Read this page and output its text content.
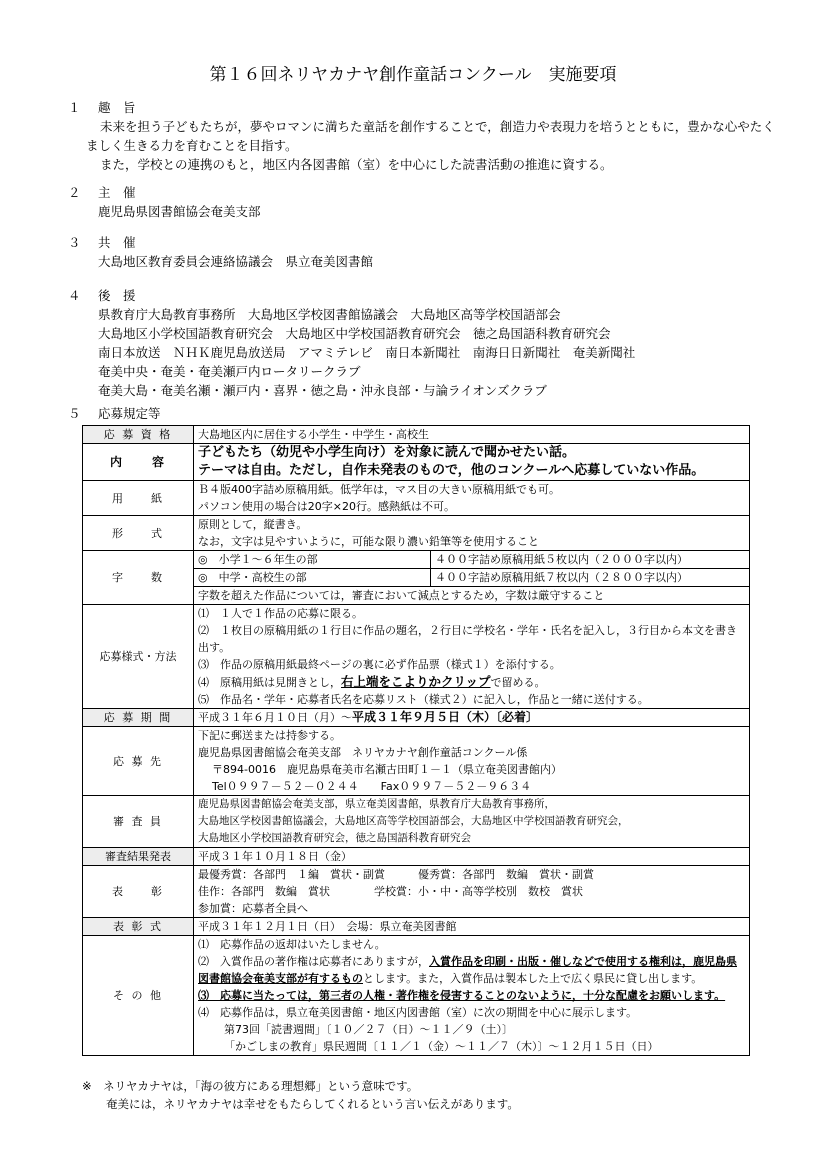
第１６回ネリヤカナヤ創作童話コンクール　実施要項
１ 趣　旨
未来を担う子どもたちが，夢やロマンに満ちた童話を創作することで，創造力や表現力を培うとともに，豊かな心やたくましく生きる力を育むことを目指す。
また，学校との連携のもと，地区内各図書館（室）を中心にした読書活動の推進に資する。
２ 主　催
鹿児島県図書館協会奄美支部
３ 共　催
大島地区教育委員会連絡協議会　県立奄美図書館
４ 後　援
県教育庁大島教育事務所　大島地区学校図書館協議会　大島地区高等学校国語部会
大島地区小学校国語教育研究会　大島地区中学校国語教育研究会　徳之島国語科教育研究会
南日本放送　ＮＨＫ鹿児島放送局　アマミテレビ　南日本新聞社　南海日日新聞社　奄美新聞社
奄美中央・奄美・奄美瀬戸内ロータリークラブ
奄美大島・奄美名瀬・瀬戸内・喜界・徳之島・沖永良部・与論ライオンズクラブ
５ 応募規定等
応 募 資 格	大島地区内に居住する小学生・中学生・高校生
内　　容	
子どもたち（幼児や小学生向け）を対象に読んで聞かせたい話。
テーマは自由。ただし，自作未発表のもので，他のコンクールへ応募していない作品。

用　　紙	
Ｂ４版400字詰め原稿用紙。低学年は，マス目の大きい原稿用紙でも可。
パソコン使用の場合は20字×20行。感熱紙は不可。

形　　式	
原則として，縦書き。
なお，文字は見やすいように，可能な限り濃い鉛筆等を使用すること

字　　数	
◎　小学１～６年生の部	４００字詰め原稿用紙５枚以内（２０００字以内）
◎　中学・高校生の部	４００字詰め原稿用紙７枚以内（２８００字以内）
字数を超えた作品については，審査において減点とするため，字数は厳守すること

応募様式・方法	
⑴　１人で１作品の応募に限る。
⑵　１枚目の原稿用紙の１行目に作品の題名，２行目に学校名・学年・氏名を記入し，３行目から本文を書き出す。
⑶　作品の原稿用紙最終ページの裏に必ず作品票（様式１）を添付する。
⑷　原稿用紙は見開きとし，右上端をこよりかクリップで留める。
⑸　作品名・学年・応募者氏名を応募リスト（様式２）に記入し，作品と一緒に送付する。

応 募 期 間	平成３１年６月１０日（月）～平成３１年９月５日（木）〔必着〕
応 募 先	
下記に郵送または持参する。
鹿児島県図書館協会奄美支部　ネリヤカナヤ創作童話コンクール係
〒894-0016　鹿児島県奄美市名瀬古田町１－１（県立奄美図書館内）
Tel０９９７－５２－０２４４　　Fax０９９７－５２－９６３４

審 査 員	
鹿児島県図書館協会奄美支部，県立奄美図書館，県教育庁大島教育事務所，
大島地区学校図書館協議会，大島地区高等学校国語部会，大島地区中学校国語教育研究会，
大島地区小学校国語教育研究会，徳之島国語科教育研究会

審査結果発表	平成３１年１０月１８日（金）
表　　彰	
最優秀賞：各部門　１編　賞状・副賞　　　優秀賞：各部門　数編　賞状・副賞
佳作：各部門　数編　賞状　　　　学校賞：小・中・高等学校別　数校　賞状
参加賞：応募者全員へ

表 彰 式	平成３１年１２月１日（日）　会場：県立奄美図書館
そ の 他	
⑴　応募作品の返却はいたしません。
⑵　入賞作品の著作権は応募者にありますが，入賞作品を印刷・出版・催しなどで使用する権利は，鹿児島県図書館協会奄美支部が有するものとします。また，入賞作品は製本した上で広く県民に貸し出します。
⑶　応募に当たっては，第三者の人権・著作権を侵害することのないように，十分な配慮をお願いします。
⑷　応募作品は，県立奄美図書館・地区内図書館（室）に次の期間を中心に展示します。
第73回「読書週間」〔１０／２７（日）～１１／９（土）〕
「かごしまの教育」県民週間〔１１／１（金）～１１／７（木）〕～１２月１５日（日）
※　 ネリヤカナヤは，「海の彼方にある理想郷」という意味です。
奄美には，ネリヤカナヤは幸せをもたらしてくれるという言い伝えがあります。
